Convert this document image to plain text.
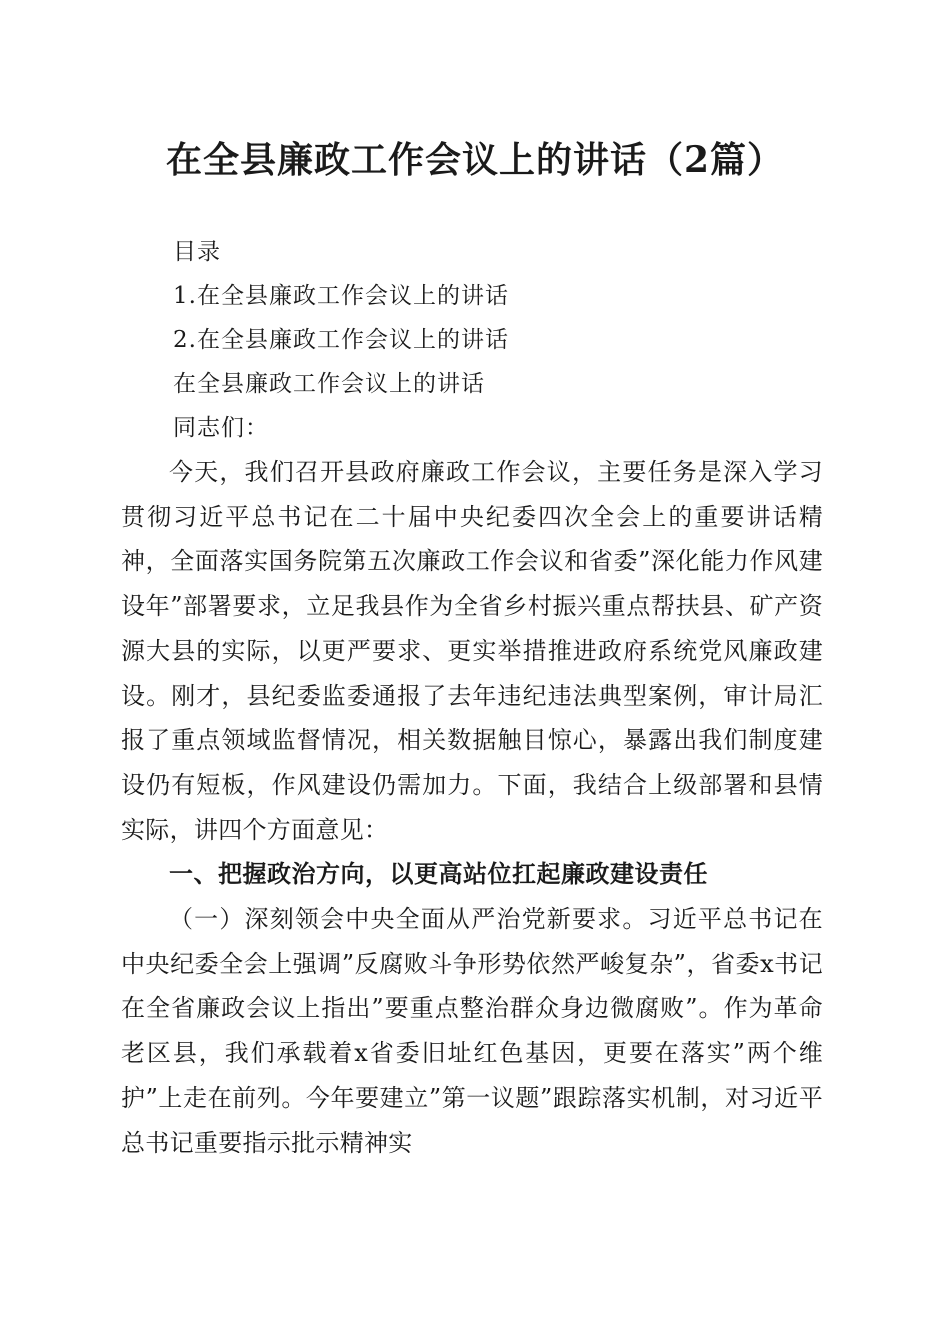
在全县廉政工作会议上的讲话（2篇）
目录
1.在全县廉政工作会议上的讲话
2.在全县廉政工作会议上的讲话
在全县廉政工作会议上的讲话
同志们：

今天，我们召开县政府廉政工作会议，主要任务是深入学习贯彻习近平总书记在二十届中央纪委四次全会上的重要讲话精神，全面落实国务院第五次廉政工作会议和省委”深化能力作风建设年”部署要求，立足我县作为全省乡村振兴重点帮扶县、矿产资源大县的实际，以更严要求、更实举措推进政府系统党风廉政建设。刚才，县纪委监委通报了去年违纪违法典型案例，审计局汇报了重点领域监督情况，相关数据触目惊心，暴露出我们制度建设仍有短板，作风建设仍需加力。下面，我结合上级部署和县情实际，讲四个方面意见：

一、把握政治方向，以更高站位扛起廉政建设责任

（一）深刻领会中央全面从严治党新要求。习近平总书记在中央纪委全会上强调”反腐败斗争形势依然严峻复杂”，省委x书记在全省廉政会议上指出”要重点整治群众身边微腐败”。作为革命老区县，我们承载着x省委旧址红色基因，更要在落实”两个维护”上走在前列。今年要建立”第一议题”跟踪落实机制，对习近平总书记重要指示批示精神实
